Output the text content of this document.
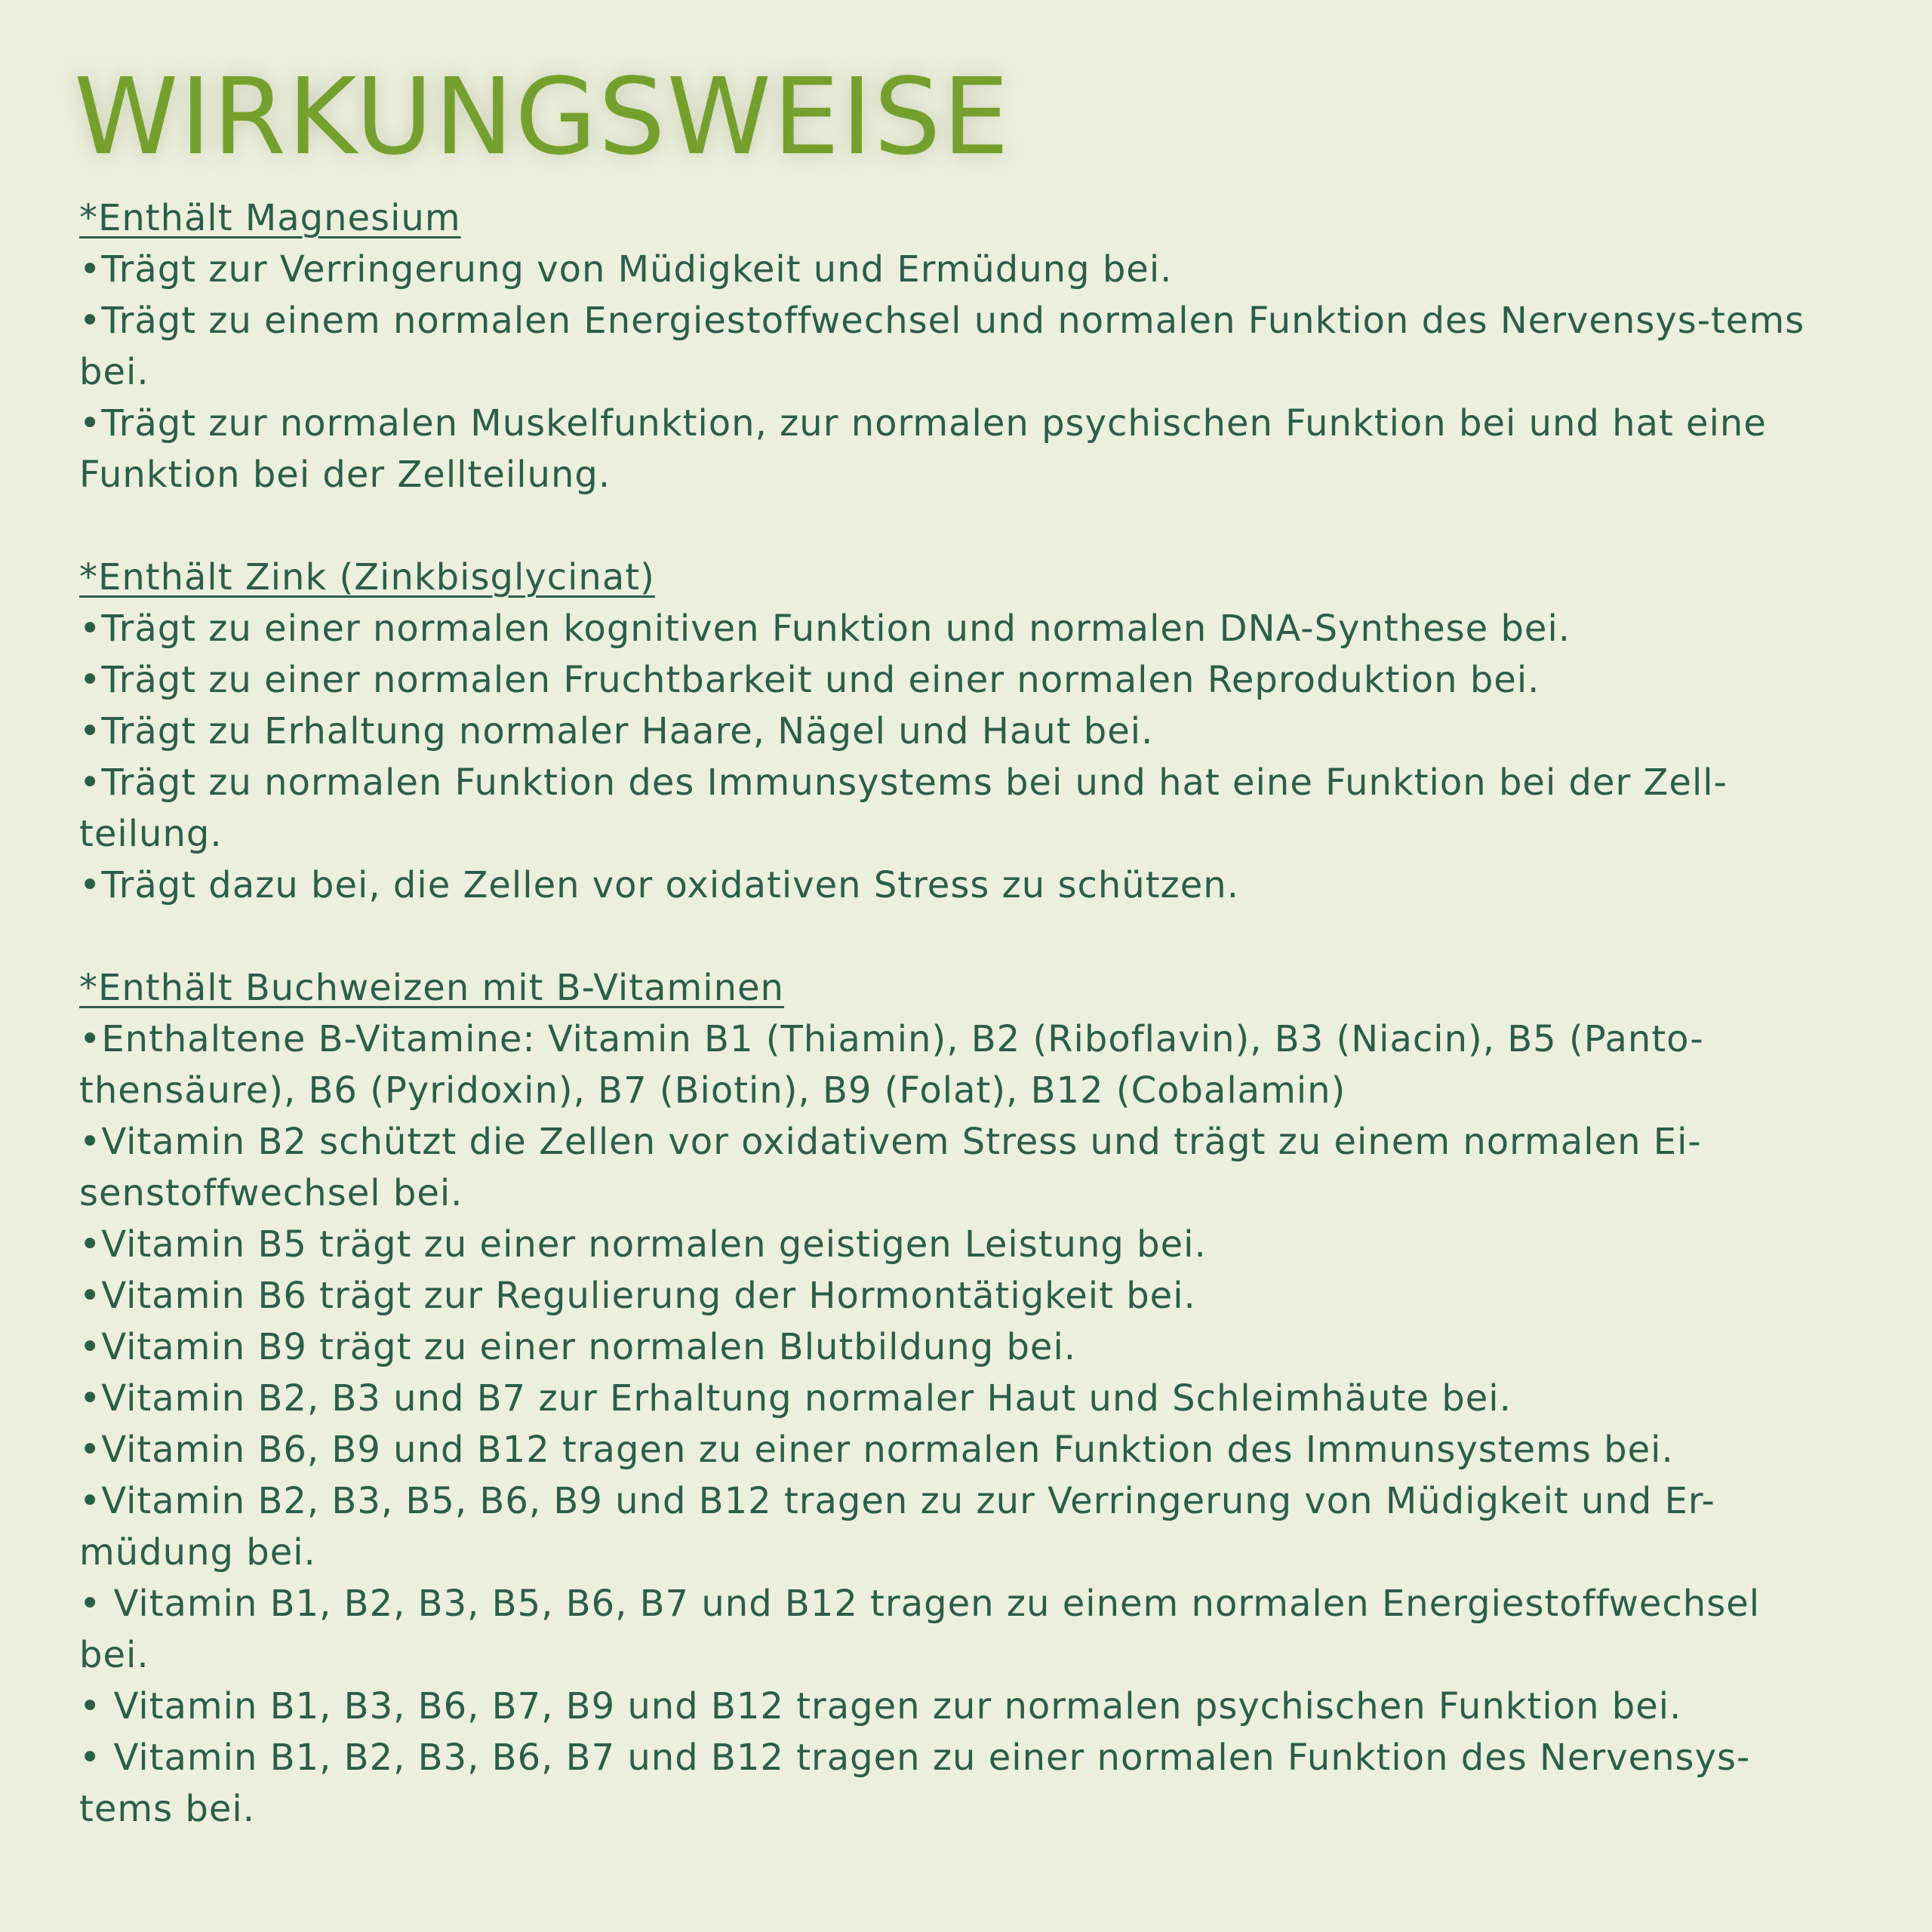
WIRKUNGSWEISE
*Enthält Magnesium
•Trägt zur Verringerung von Müdigkeit und Ermüdung bei.
•Trägt zu einem normalen Energiestoffwechsel und normalen Funktion des Nervensys-tems bei.
•Trägt zur normalen Muskelfunktion, zur normalen psychischen Funktion bei und hat eine Funktion bei der Zellteilung.
*Enthält Zink (Zinkbisglycinat)
•Trägt zu einer normalen kognitiven Funktion und normalen DNA-Synthese bei.
•Trägt zu einer normalen Fruchtbarkeit und einer normalen Reproduktion bei.
•Trägt zu Erhaltung normaler Haare, Nägel und Haut bei.
•Trägt zu normalen Funktion des Immunsystems bei und hat eine Funktion bei der Zell-teilung.
•Trägt dazu bei, die Zellen vor oxidativen Stress zu schützen.
*Enthält Buchweizen mit B-Vitaminen
•Enthaltene B-Vitamine: Vitamin B1 (Thiamin), B2 (Riboflavin), B3 (Niacin), B5 (Panto-thensäure), B6 (Pyridoxin), B7 (Biotin), B9 (Folat), B12 (Cobalamin)
•Vitamin B2 schützt die Zellen vor oxidativem Stress und trägt zu einem normalen Ei-senstoffwechsel bei.
•Vitamin B5 trägt zu einer normalen geistigen Leistung bei.
•Vitamin B6 trägt zur Regulierung der Hormontätigkeit bei.
•Vitamin B9 trägt zu einer normalen Blutbildung bei.
•Vitamin B2, B3 und B7 zur Erhaltung normaler Haut und Schleimhäute bei.
•Vitamin B6, B9 und B12 tragen zu einer normalen Funktion des Immunsystems bei.
•Vitamin B2, B3, B5, B6, B9 und B12 tragen zu zur Verringerung von Müdigkeit und Er-müdung bei.
• Vitamin B1, B2, B3, B5, B6, B7 und B12 tragen zu einem normalen Energiestoffwechsel bei.
• Vitamin B1, B3, B6, B7, B9 und B12 tragen zur normalen psychischen Funktion bei.
• Vitamin B1, B2, B3, B6, B7 und B12 tragen zu einer normalen Funktion des Nervensys-tems bei.
